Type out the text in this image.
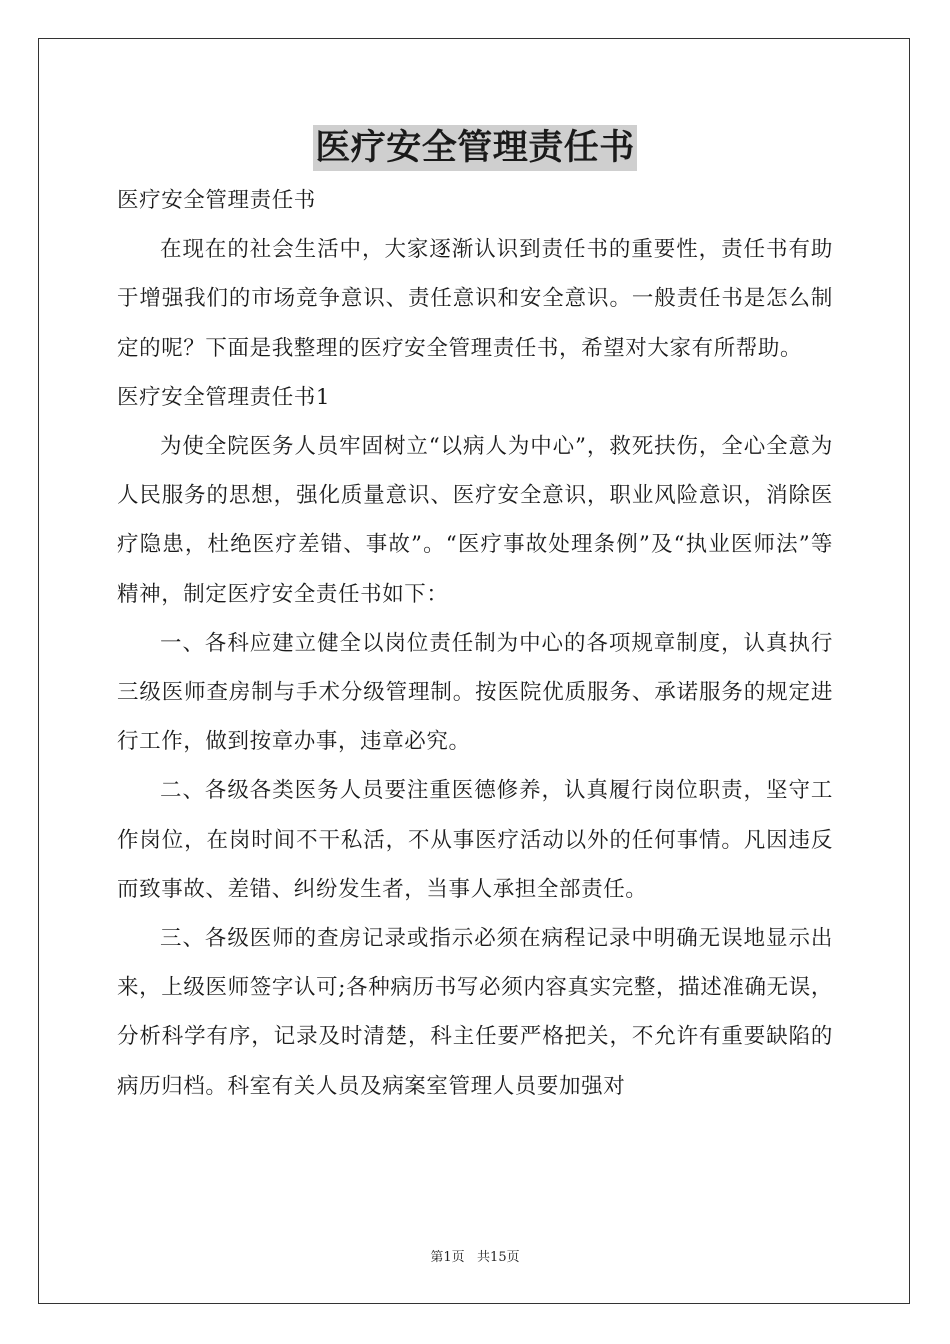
医疗安全管理责任书

医疗安全管理责任书

在现在的社会生活中，大家逐渐认识到责任书的重要性，责任书有助于增强我们的市场竞争意识、责任意识和安全意识。一般责任书是怎么制定的呢？下面是我整理的医疗安全管理责任书，希望对大家有所帮助。

医疗安全管理责任书1

为使全院医务人员牢固树立“以病人为中心”，救死扶伤，全心全意为人民服务的思想，强化质量意识、医疗安全意识，职业风险意识，消除医疗隐患，杜绝医疗差错、事故”。“医疗事故处理条例”及“执业医师法”等精神，制定医疗安全责任书如下：

一、各科应建立健全以岗位责任制为中心的各项规章制度，认真执行三级医师查房制与手术分级管理制。按医院优质服务、承诺服务的规定进行工作，做到按章办事，违章必究。

二、各级各类医务人员要注重医德修养，认真履行岗位职责，坚守工作岗位，在岗时间不干私活，不从事医疗活动以外的任何事情。凡因违反而致事故、差错、纠纷发生者，当事人承担全部责任。

三、各级医师的查房记录或指示必须在病程记录中明确无误地显示出来，上级医师签字认可;各种病历书写必须内容真实完整，描述准确无误，分析科学有序，记录及时清楚，科主任要严格把关，不允许有重要缺陷的病历归档。科室有关人员及病案室管理人员要加强对

第1页   共15页
